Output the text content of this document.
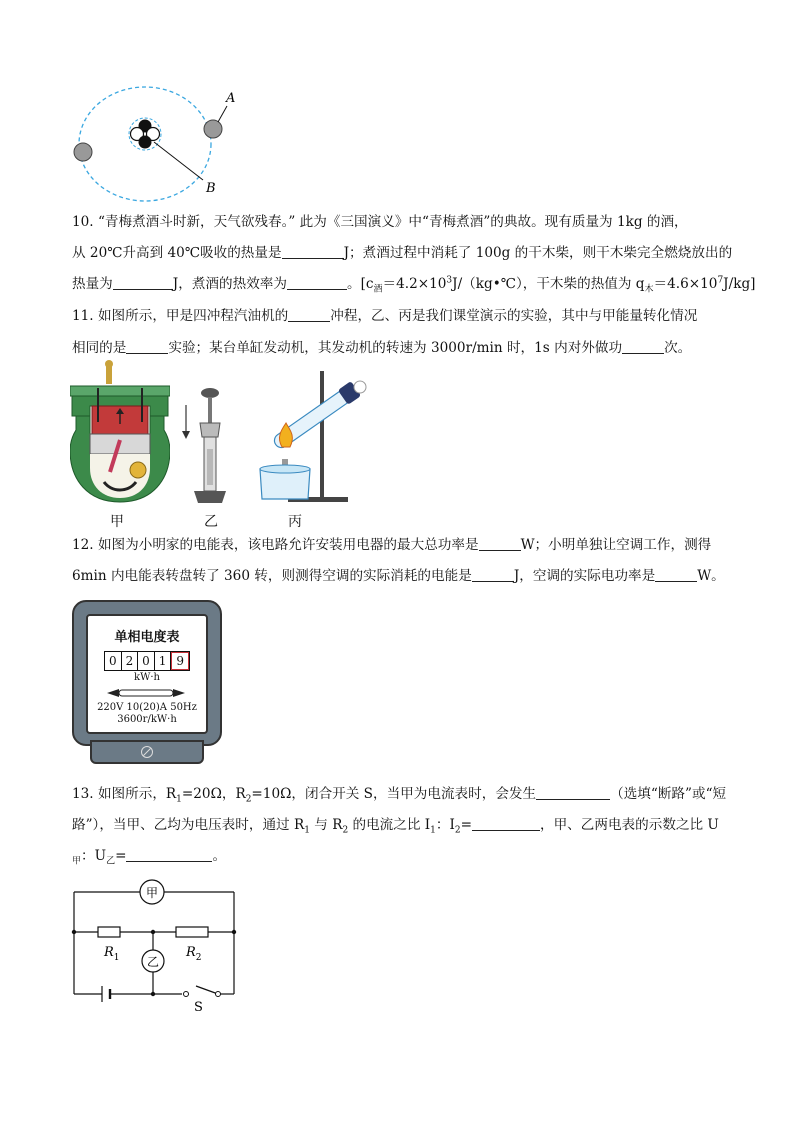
A
B
10. “青梅煮酒斗时新，天气欲残春。” 此为《三国演义》中“青梅煮酒”的典故。现有质量为 1kg 的酒，
从 20℃升高到 40℃吸收的热量是	J；煮酒过程中消耗了 100g 的干木柴，则干木柴完全燃烧放出的
热量为	J，煮酒的热效率为	。[$c_酒=4.2\times 10^3J/(kg•℃)$，干木柴的热值为 $q_木=4.6\times 10^7J/kg$]
11. 如图所示，甲是四冲程汽油机的	冲程，乙、丙是我们课堂演示的实验，其中与甲能量转化情况
相同的是	实验；某台单缸发动机，其发动机的转速为 3000r/min 时，1s 内对外做功	次。
甲	乙	丙
12. 如图为小明家的电能表，该电路允许安装用电器的最大总功率是	W；小明单独让空调工作，测得
6min 内电能表转盘转了 360 转，则测得空调的实际消耗的电能是	J，空调的实际电功率是	W。
单相电度表
0 2 0 1 9
kW·h
220V 10(20)A 50Hz
3600r/kW·h
13. 如图所示，$R_1=20\Omega$，$R_2=10\Omega$，闭合开关 S，当甲为电流表时，会发生	（选填“断路”或“短
路”），当甲、乙均为电压表时，通过 $R_1$ 与 $R_2$ 的电流之比 $I_1$：$I_2=$	，甲、乙两电表的示数之比 U
$_甲$：$U_乙=$	。
甲
乙
$R_1$	$R_2$
S
